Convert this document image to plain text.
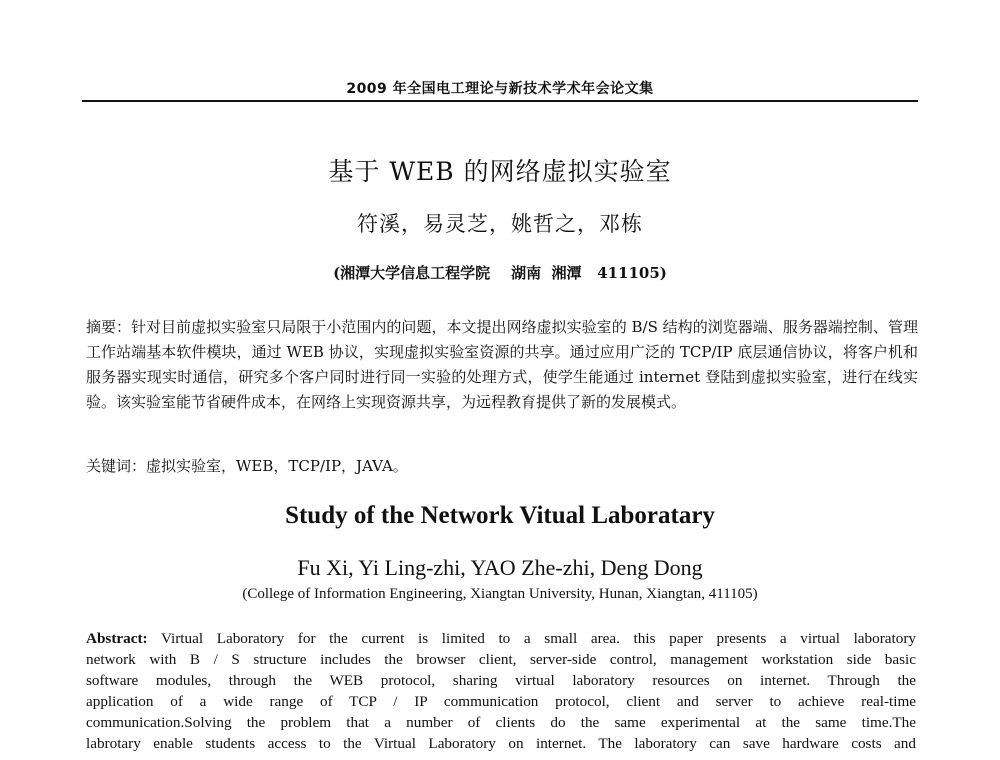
2009 年全国电工理论与新技术学术年会论文集
基于 WEB 的网络虚拟实验室
符溪，易灵芝，姚哲之，邓栋
(湘潭大学信息工程学院    湖南  湘潭   411105)
摘要：针对目前虚拟实验室只局限于小范围内的问题，本文提出网络虚拟实验室的 B/S 结构的浏览器端、服务器端控制、管理工作站端基本软件模块，通过 WEB 协议，实现虚拟实验室资源的共享。通过应用广泛的 TCP/IP 底层通信协议，将客户机和服务器实现实时通信，研究多个客户同时进行同一实验的处理方式，使学生能通过 internet 登陆到虚拟实验室，进行在线实验。该实验室能节省硬件成本，在网络上实现资源共享，为远程教育提供了新的发展模式。
关键词：虚拟实验室，WEB，TCP/IP，JAVA。
Study of the Network Vitual Laboratary
Fu Xi, Yi Ling-zhi, YAO Zhe-zhi, Deng Dong
(College of Information Engineering, Xiangtan University, Hunan, Xiangtan, 411105)
Abstract: Virtual Laboratory for the current is limited to a small area. this paper presents a virtual laboratory
network with B / S structure includes the browser client, server-side control, management workstation side basic
software modules, through the WEB protocol, sharing virtual laboratory resources on internet. Through the
application of a wide range of TCP / IP communication protocol, client and server to achieve real-time
communication.Solving the problem that a number of clients do the same experimental at the same time.The
labrotary enable students access to the Virtual Laboratory on internet. The laboratory can save hardware costs and
